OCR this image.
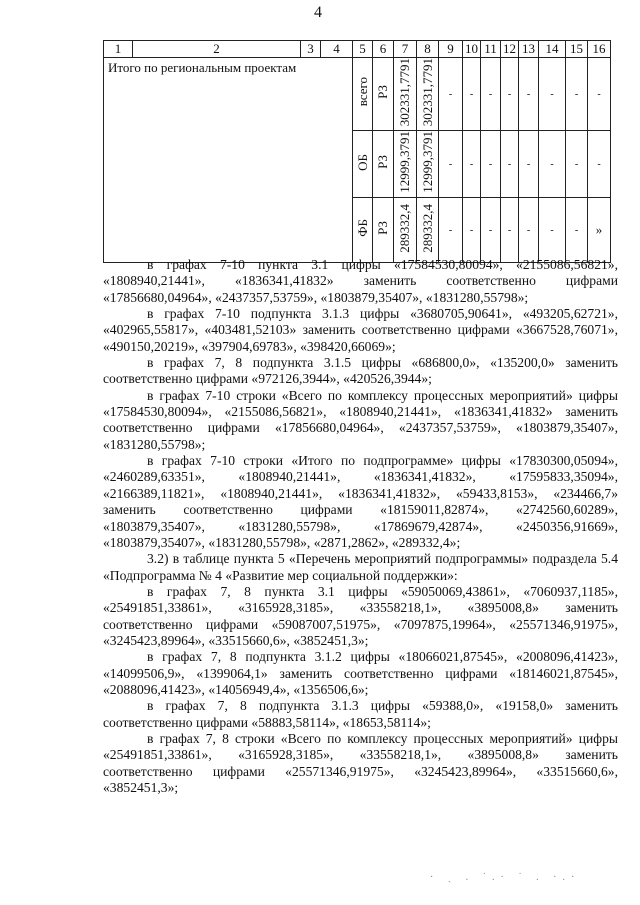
4
1	2	3	4	5	6	7	8	9	10	11	12	13	14	15	16
Итого по региональным проектам				всего	РЗ	302331,7791	302331,7791	-	-	-	-	-	-	-	-
				ОБ	РЗ	12999,3791	12999,3791	-	-	-	-	-	-	-	-
				ФБ	РЗ	289332,4	289332,4	-	-	-	-	-	-	-	»

в графах 7-10 пункта 3.1 цифры «17584530,80094», «2155086,56821», «1808940,21441», «1836341,41832» заменить соответственно цифрами «17856680,04964», «2437357,53759», «1803879,35407», «1831280,55798»;

в графах 7-10 подпункта 3.1.3 цифры «3680705,90641», «493205,62721», «402965,55817», «403481,52103» заменить соответственно цифрами «3667528,76071», «490150,20219», «397904,69783», «398420,66069»;

в графах 7, 8 подпункта 3.1.5 цифры «686800,0», «135200,0» заменить соответственно цифрами «972126,3944», «420526,3944»;

в графах 7-10 строки «Всего по комплексу процессных мероприятий» цифры «17584530,80094», «2155086,56821», «1808940,21441», «1836341,41832» заменить соответственно цифрами «17856680,04964», «2437357,53759», «1803879,35407», «1831280,55798»;

в графах 7-10 строки «Итого по подпрограмме» цифры «17830300,05094», «2460289,63351», «1808940,21441», «1836341,41832», «17595833,35094», «2166389,11821», «1808940,21441», «1836341,41832», «59433,8153», «234466,7» заменить соответственно цифрами «18159011,82874», «2742560,60289», «1803879,35407», «1831280,55798», «17869679,42874», «2450356,91669», «1803879,35407», «1831280,55798», «2871,2862», «289332,4»;

3.2) в таблице пункта 5 «Перечень мероприятий подпрограммы» подраздела 5.4 «Подпрограмма № 4 «Развитие мер социальной поддержки»:

в графах 7, 8 пункта 3.1 цифры «59050069,43861», «7060937,1185», «25491851,33861», «3165928,3185», «33558218,1», «3895008,8» заменить соответственно цифрами «59087007,51975», «7097875,19964», «25571346,91975», «3245423,89964», «33515660,6», «3852451,3»;

в графах 7, 8 подпункта 3.1.2 цифры «18066021,87545», «2008096,41423», «14099506,9», «1399064,1» заменить соответственно цифрами «18146021,87545», «2088096,41423», «14056949,4», «1356506,6»;

в графах 7, 8 подпункта 3.1.3 цифры «59388,0», «19158,0» заменить соответственно цифрами «58883,58114», «18653,58114»;

в графах 7, 8 строки «Всего по комплексу процессных мероприятий» цифры «25491851,33861», «3165928,3185», «33558218,1», «3895008,8» заменить соответственно цифрами «25571346,91975», «3245423,89964», «33515660,6», «3852451,3»;

· ˎ . ˙.· ˙ . ·.·
